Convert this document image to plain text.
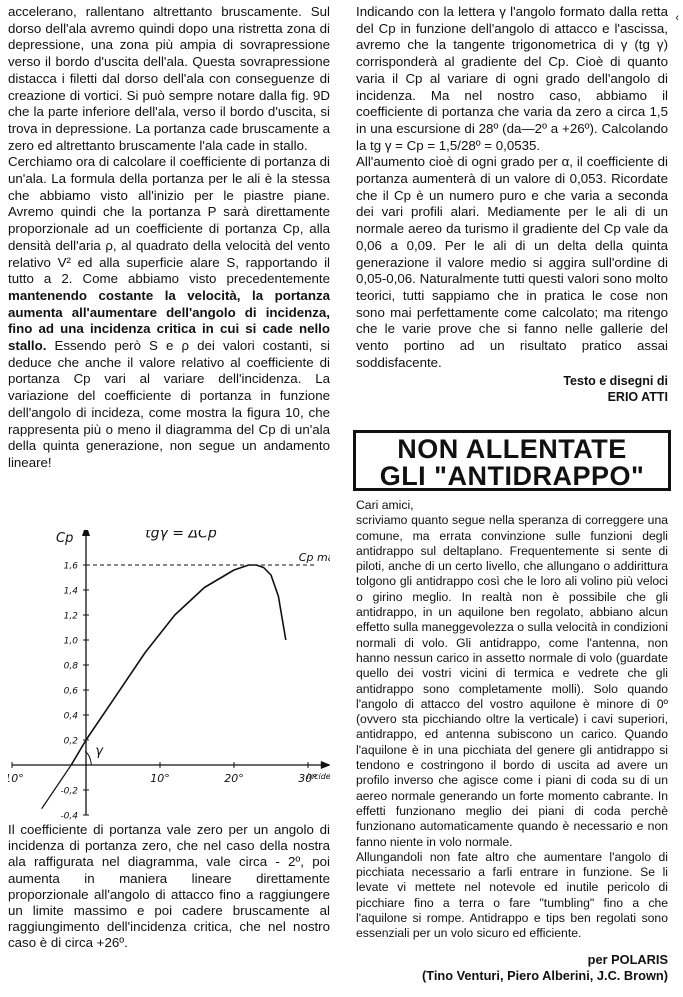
accelerano, rallentano altrettanto bruscamente. Sul dorso dell'ala avremo quindi dopo una ristretta zona di depressione, una zona più ampia di sovrapressione verso il bordo d'uscita dell'ala. Questa sovrapressione distacca i filetti dal dorso dell'ala con conseguenze di creazione di vortici. Si può sempre notare dalla fig. 9D che la parte inferiore dell'ala, verso il bordo d'uscita, si trova in depressione. La portanza cade bruscamente a zero ed altrettanto bruscamente l'ala cade in stallo.

Cerchiamo ora di calcolare il coefficiente di portanza di un'ala. La formula della portanza per le ali è la stessa che abbiamo visto all'inizio per le piastre piane. Avremo quindi che la portanza P sarà direttamente proporzionale ad un coefficiente di portanza Cp, alla densità dell'aria ρ, al quadrato della velocità del vento relativo V² ed alla superficie alare S, rapportando il tutto a 2. Come abbiamo visto precedentemente mantenendo costante la velocità, la portanza aumenta all'aumentare dell'angolo di incidenza, fino ad una incidenza critica in cui si cade nello stallo. Essendo però S e ρ dei valori costanti, si deduce che anche il valore relativo al coefficiente di portanza Cp vari al variare dell'incidenza. La variazione del coefficiente di portanza in funzione dell'angolo di incideza, come mostra la figura 10, che rappresenta più o meno il diagramma del Cp di un'ala della quinta generazione, non segue un andamento lineare!

1,6
1,4
1,2
1,0
0,8
0,6
0,4
0,2
-0,2
-0,4
0°	10°	20°	30°
Cp
incide
tgγ = ΔCp
Cp m
γ
Il coefficiente di portanza vale zero per un angolo di incidenza di portanza zero, che nel caso della nostra ala raffigurata nel diagramma, vale circa - 2º, poi aumenta in maniera lineare direttamente proporzionale all'angolo di attacco fino a raggiungere un limite massimo e poi cadere bruscamente al raggiungimento dell'incidenza critica, che nel nostro caso è di circa +26º.

Indicando con la lettera γ l'angolo formato dalla retta del Cp in funzione dell'angolo di attacco e l'ascissa, avremo che la tangente trigonometrica di γ (tg γ) corrisponderà al gradiente del Cp. Cioè di quanto varia il Cp al variare di ogni grado dell'angolo di incidenza. Ma nel nostro caso, abbiamo il coefficiente di portanza che varia da zero a circa 1,5 in una escursione di 28º (da—2º a +26º). Calcolando la tg γ = Cp = 1,5/28º = 0,0535.

All'aumento cioè di ogni grado per α, il coefficiente di portanza aumenterà di un valore di 0,053. Ricordate che il Cp è un numero puro e che varia a seconda dei vari profili alari. Mediamente per le ali di un normale aereo da turismo il gradiente del Cp vale da 0,06 a 0,09. Per le ali di un delta della quinta generazione il valore medio si aggira sull'ordine di 0,05-0,06. Naturalmente tutti questi valori sono molto teorici, tutti sappiamo che in pratica le cose non sono mai perfettamente come calcolato; ma ritengo che le varie prove che si fanno nelle gallerie del vento portino ad un risultato pratico assai soddisfacente.

Testo e disegni di
ERIO ATTI
NON ALLENTATE
GLI "ANTIDRAPPO"

Cari amici,

scriviamo quanto segue nella speranza di correggere una comune, ma errata convinzione sulle funzioni degli antidrappo sul deltaplano. Frequentemente si sente di piloti, anche di un certo livello, che allungano o addirittura tolgono gli antidrappo così che le loro ali volino più veloci o girino meglio. In realtà non è possibile che gli antidrappo, in un aquilone ben regolato, abbiano alcun effetto sulla maneggevolezza o sulla velocità in condizioni normali di volo. Gli antidrappo, come l'antenna, non hanno nessun carico in assetto normale di volo (guardate quello dei vostri vicini di termica e vedrete che gli antidrappo sono completamente molli). Solo quando l'angolo di attacco del vostro aquilone è minore di 0º (ovvero sta picchiando oltre la verticale) i cavi superiori, antidrappo, ed antenna subiscono un carico. Quando l'aquilone è in una picchiata del genere gli antidrappo si tendono e costringono il bordo di uscita ad avere un profilo inverso che agisce come i piani di coda su di un aereo normale generando un forte momento cabrante. In effetti funzionano meglio dei piani di coda perchè funzionano automaticamente quando è necessario e non fanno niente in volo normale.

Allungandoli non fate altro che aumentare l'angolo di picchiata necessario a farli entrare in funzione. Se li levate vi mettete nel notevole ed inutile pericolo di picchiare fino a terra o fare "tumbling" fino a che l'aquilone si rompe. Antidrappo e tips ben regolati sono essenziali per un volo sicuro ed efficiente.

per POLARIS
(Tino Venturi, Piero Alberini, J.C. Brown)
‹
